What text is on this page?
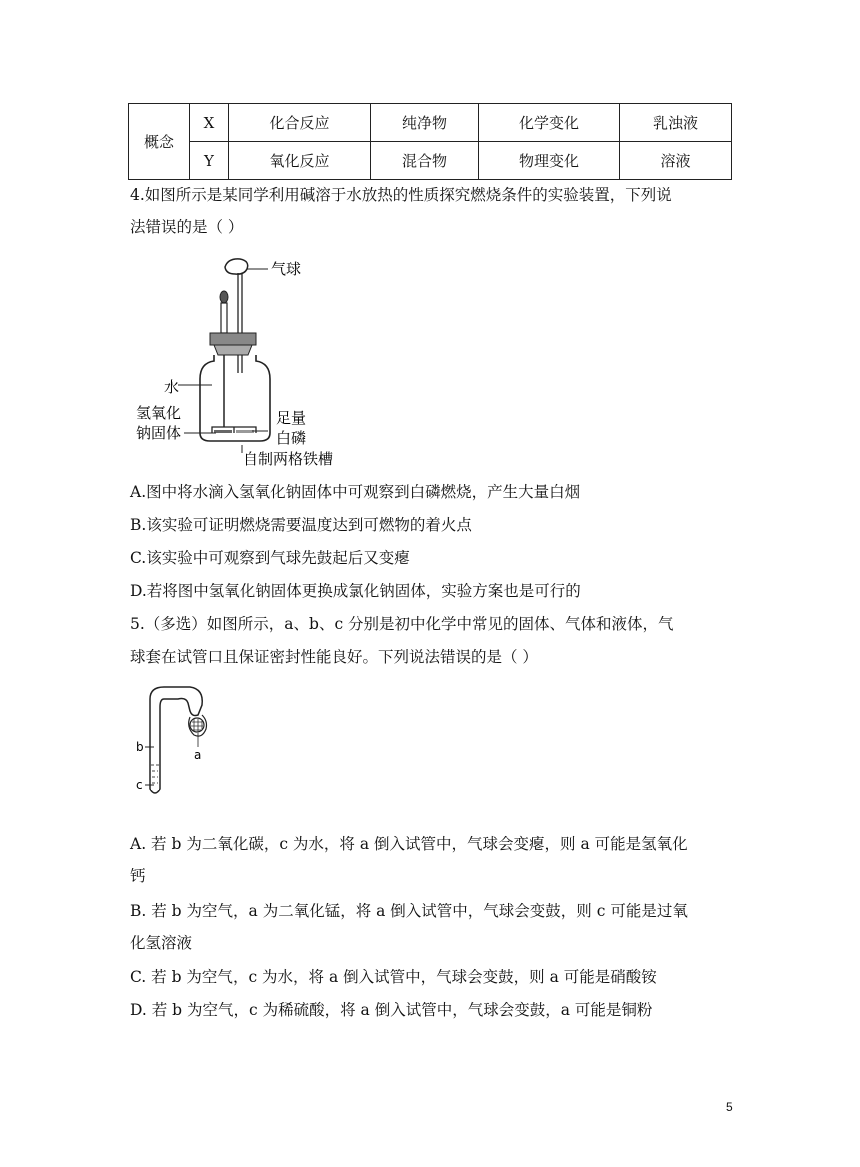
概念	X	化合反应	纯净物	化学变化	乳浊液
	Y	氧化反应	混合物	物理变化	溶液
4.如图所示是某同学利用碱溶于水放热的性质探究燃烧条件的实验装置，下列说
法错误的是（ ）
气球
水
氢氧化
钠固体
足量
白磷
自制两格铁槽
A.图中将水滴入氢氧化钠固体中可观察到白磷燃烧，产生大量白烟
B.该实验可证明燃烧需要温度达到可燃物的着火点
C.该实验中可观察到气球先鼓起后又变瘪
D.若将图中氢氧化钠固体更换成氯化钠固体，实验方案也是可行的
5.（多选）如图所示，a、b、c 分别是初中化学中常见的固体、气体和液体，气
球套在试管口且保证密封性能良好。下列说法错误的是（ ）
b
c
a
A. 若 b 为二氧化碳，c 为水，将 a 倒入试管中，气球会变瘪，则 a 可能是氢氧化
钙
B. 若 b 为空气，a 为二氧化锰，将 a 倒入试管中，气球会变鼓，则 c 可能是过氧
化氢溶液
C. 若 b 为空气，c 为水，将 a 倒入试管中，气球会变鼓，则 a 可能是硝酸铵
D. 若 b 为空气，c 为稀硫酸，将 a 倒入试管中，气球会变鼓，a 可能是铜粉
5
